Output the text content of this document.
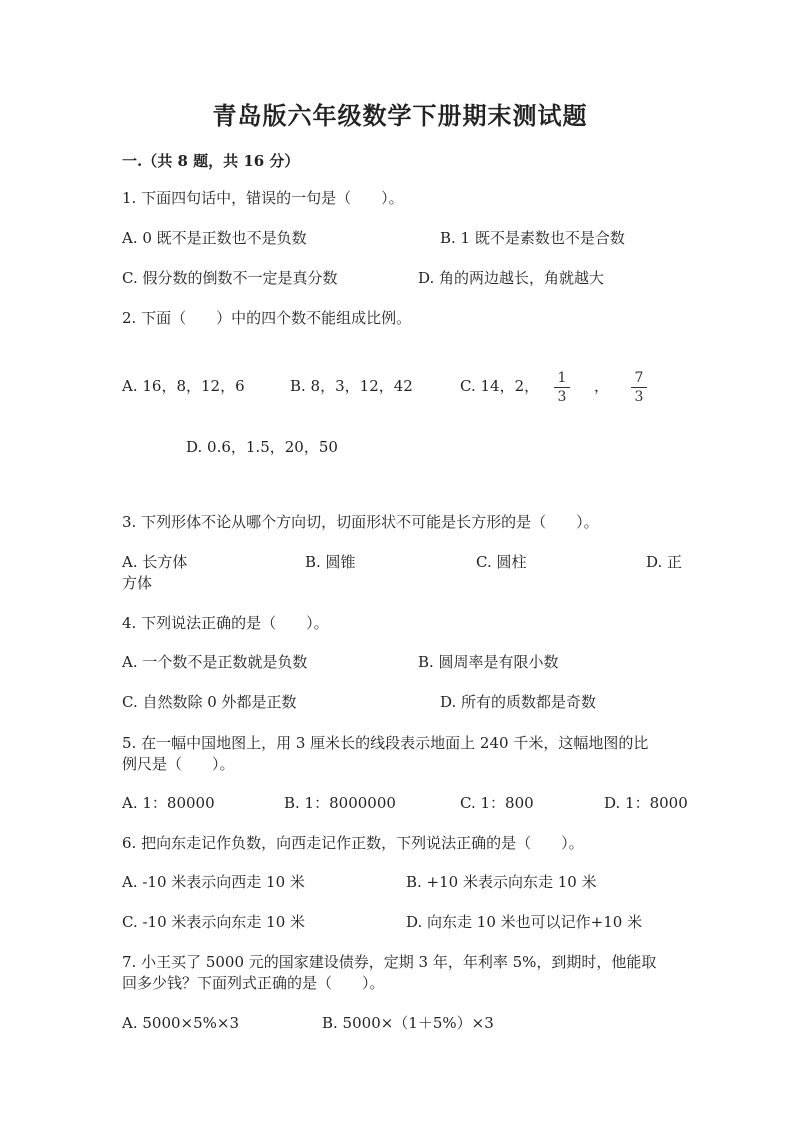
青岛版六年级数学下册期末测试题
一.（共 8 题，共 16 分）
1. 下面四句话中，错误的一句是（　　）。
A. 0 既不是正数也不是负数	B. 1 既不是素数也不是合数
C. 假分数的倒数不一定是真分数	D. 角的两边越长，角就越大
2. 下面（　　）中的四个数不能组成比例。
A. 16，8，12，6	B. 8，3，12，42	C. 14，2， 1
3
， 7
3
D. 0.6，1.5，20，50
3. 下列形体不论从哪个方向切，切面形状不可能是长方形的是（　　）。
A. 长方体	B. 圆锥	C. 圆柱	D. 正
方体
4. 下列说法正确的是（　　）。
A. 一个数不是正数就是负数	B. 圆周率是有限小数
C. 自然数除 0 外都是正数	D. 所有的质数都是奇数
5. 在一幅中国地图上，用 3 厘米长的线段表示地面上 240 千米，这幅地图的比
例尺是（　　）。
A. 1：80000	B. 1：8000000	C. 1：800	D. 1：8000
6. 把向东走记作负数，向西走记作正数，下列说法正确的是（　　）。
A. -10 米表示向西走 10 米	B. +10 米表示向东走 10 米
C. -10 米表示向东走 10 米	D. 向东走 10 米也可以记作+10 米
7. 小王买了 5000 元的国家建设债券，定期 3 年，年利率 5%，到期时，他能取
回多少钱？下面列式正确的是（　　）。
A. 5000×5%×3	B. 5000×（1＋5%）×3
